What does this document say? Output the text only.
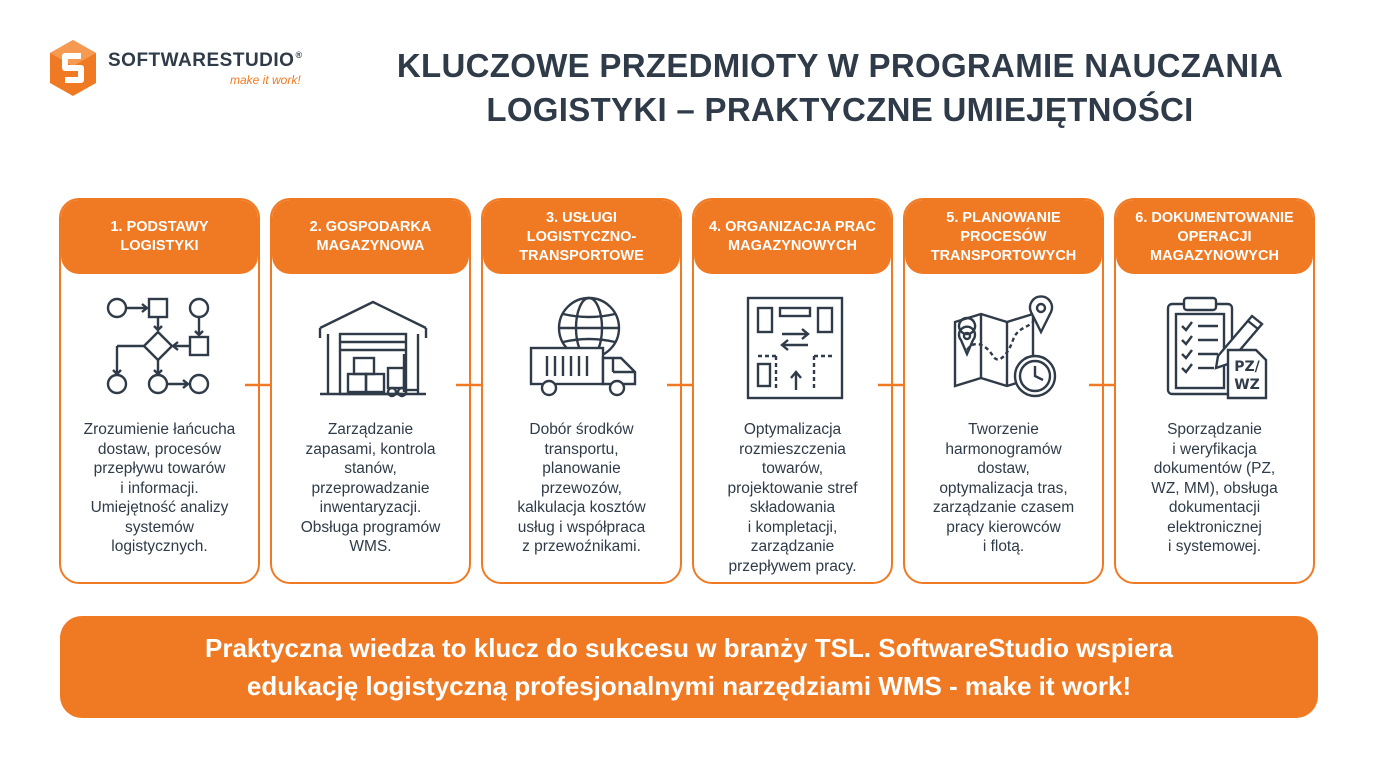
SOFTWARESTUDIO®
make it work!	KLUCZOWE PRZEDMIOTY W PROGRAMIE NAUCZANIA
LOGISTYKI – PRAKTYCZNE UMIEJĘTNOŚCI
1. PODSTAWY LOGISTYKI
Zrozumienie łańcucha
dostaw, procesów
przepływu towarów
i informacji.
Umiejętność analizy
systemów
logistycznych.
2. GOSPODARKA MAGAZYNOWA
Zarządzanie
zapasami, kontrola
stanów,
przeprowadzanie
inwentaryzacji.
Obsługa programów
WMS.
3. USŁUGI LOGISTYCZNO-TRANSPORTOWE
Dobór środków
transportu,
planowanie
przewozów,
kalkulacja kosztów
usług i współpraca
z przewoźnikami.
4. ORGANIZACJA PRAC MAGAZYNOWYCH
Optymalizacja
rozmieszczenia
towarów,
projektowanie stref
składowania
i kompletacji,
zarządzanie
przepływem pracy.
5. PLANOWANIE PROCESÓW TRANSPORTOWYCH
Tworzenie
harmonogramów
dostaw,
optymalizacja tras,
zarządzanie czasem
pracy kierowców
i flotą.
6. DOKUMENTOWANIE OPERACJI MAGAZYNOWYCH
PZ/
WZ
Sporządzanie
i weryfikacja
dokumentów (PZ,
WZ, MM), obsługa
dokumentacji
elektronicznej
i systemowej.
Praktyczna wiedza to klucz do sukcesu w branży TSL. SoftwareStudio wspiera
edukację logistyczną profesjonalnymi narzędziami WMS - make it work!
